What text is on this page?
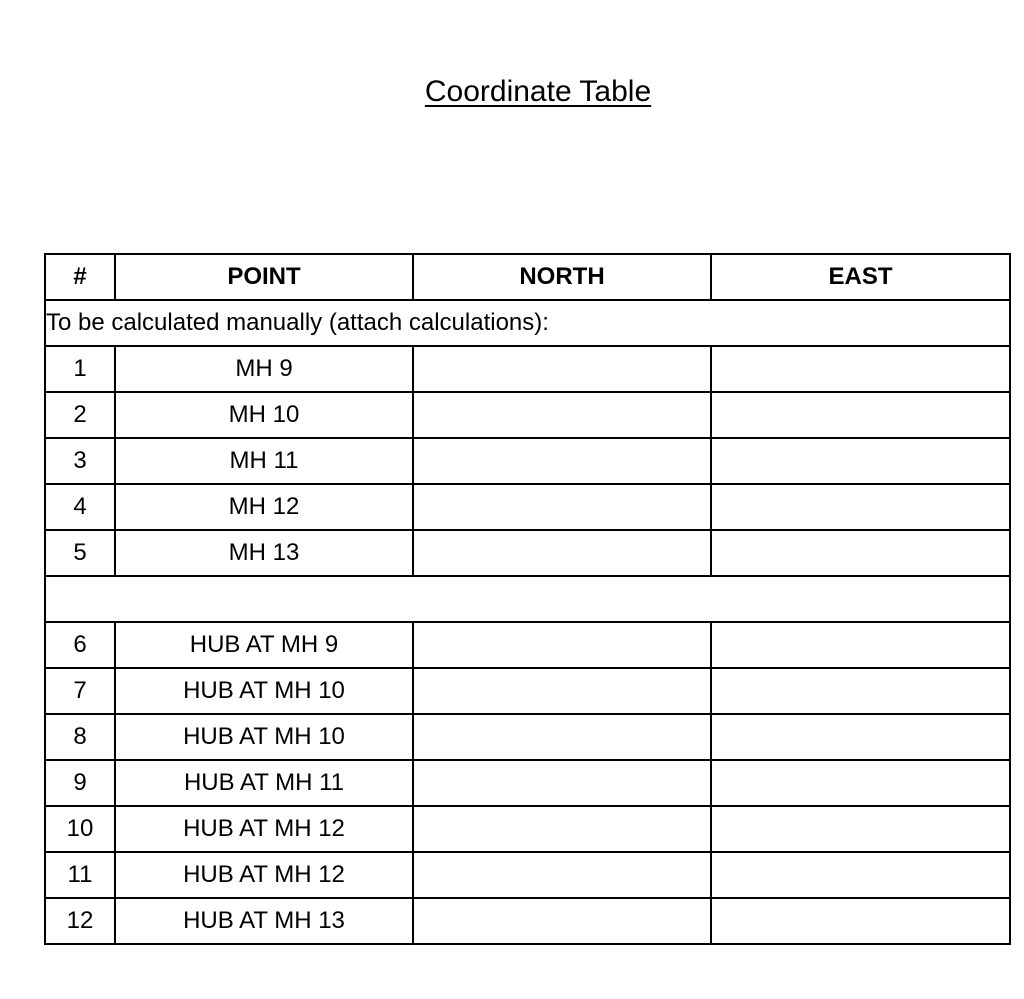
Coordinate Table
#	POINT	NORTH	EAST
To be calculated manually (attach calculations):			
1	MH 9		
2	MH 10		
3	MH 11		
4	MH 12		
5	MH 13		

6	HUB AT MH 9		
7	HUB AT MH 10		
8	HUB AT MH 10		
9	HUB AT MH 11		
10	HUB AT MH 12		
11	HUB AT MH 12		
12	HUB AT MH 13		
